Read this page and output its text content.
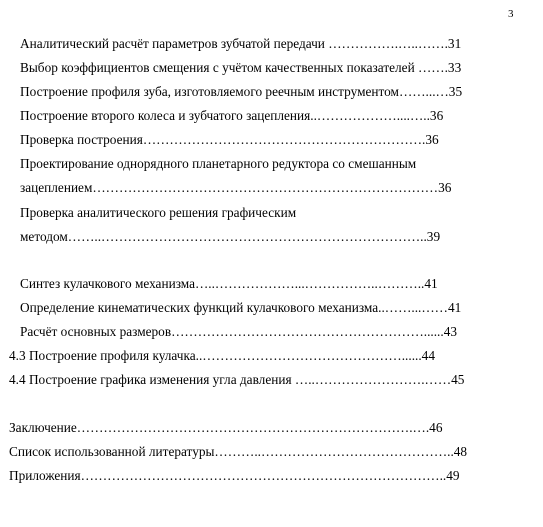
3
Аналитический расчёт параметров зубчатой передачи …………….…..…….31
Выбор коэффициентов смещения с учётом качественных показателей …….33
Построение профиля зуба, изготовляемого реечным инструментом……...…35
Построение второго колеса и зубчатого зацепления..………………....…..36
Проверка построения……………………………………………………….36
Проектирование однорядного планетарного редуктора со смешанным
зацеплением……………………………………………………………………36
Проверка аналитического решения графическим
методом……..………………………………………………………………..39
Синтез кулачкового механизма…..………………...……………..………..41
Определение кинематических функций кулачкового механизма..……...……41
Расчёт основных размеров…………………………………………………......43
4.3 Построение профиля кулачка..………………………………………......44
4.4 Построение графика изменения угла давления …..…………………….……45
Заключение………………………………………………………………….….46
Список использованной литературы………..……………………………………..48
Приложения………………………………………………………………………..49
